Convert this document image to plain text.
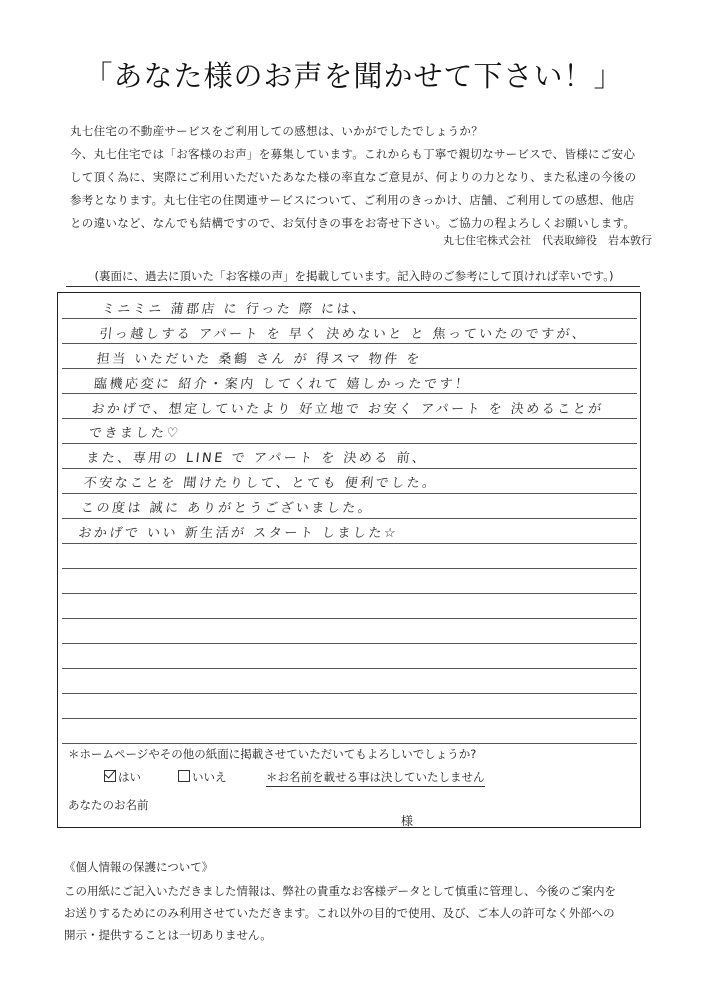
「あなた様のお声を聞かせて下さい！」

丸七住宅の不動産サービスをご利用しての感想は、いかがでしたでしょうか？

今、丸七住宅では「お客様のお声」を募集しています。これからも丁寧で親切なサービスで、皆様にご安心

して頂く為に、実際にご利用いただいたあなた様の率直なご意見が、何よりの力となり、また私達の今後の

参考となります。丸七住宅の住関連サービスについて、ご利用のきっかけ、店舗、ご利用しての感想、他店

との違いなど、なんでも結構ですので、お気付きの事をお寄せ下さい。ご協力の程よろしくお願いします。

丸七住宅株式会社　代表取締役　岩本敦行
(裏面に、過去に頂いた「お客様の声」を掲載しています。記入時のご参考にして頂ければ幸いです。)
ミニミニ 蒲郡店 に 行った 際 には、
引っ越しする アパート を 早く 決めないと と 焦っていたのですが、
担当 いただいた 桑鶴 さん が 得スマ 物件 を
臨機応変に 紹介・案内 してくれて 嬉しかったです！
おかげで、想定していたより 好立地で お安く アパート を 決めることが
できました♡
また、専用の LINE で アパート を 決める 前、
不安なことを 聞けたりして、とても 便利でした。
この度は 誠に ありがとうございました。
おかげで いい 新生活が スタート しました☆
＊ホームページやその他の紙面に掲載させていただいてもよろしいでしょうか?
はい	いいえ	＊お名前を載せる事は決していたしません
あなたのお名前
様
《個人情報の保護について》

この用紙にご記入いただきました情報は、弊社の貴重なお客様データとして慎重に管理し、今後のご案内を

お送りするためにのみ利用させていただきます。これ以外の目的で使用、及び、ご本人の許可なく外部への

開示・提供することは一切ありません。
